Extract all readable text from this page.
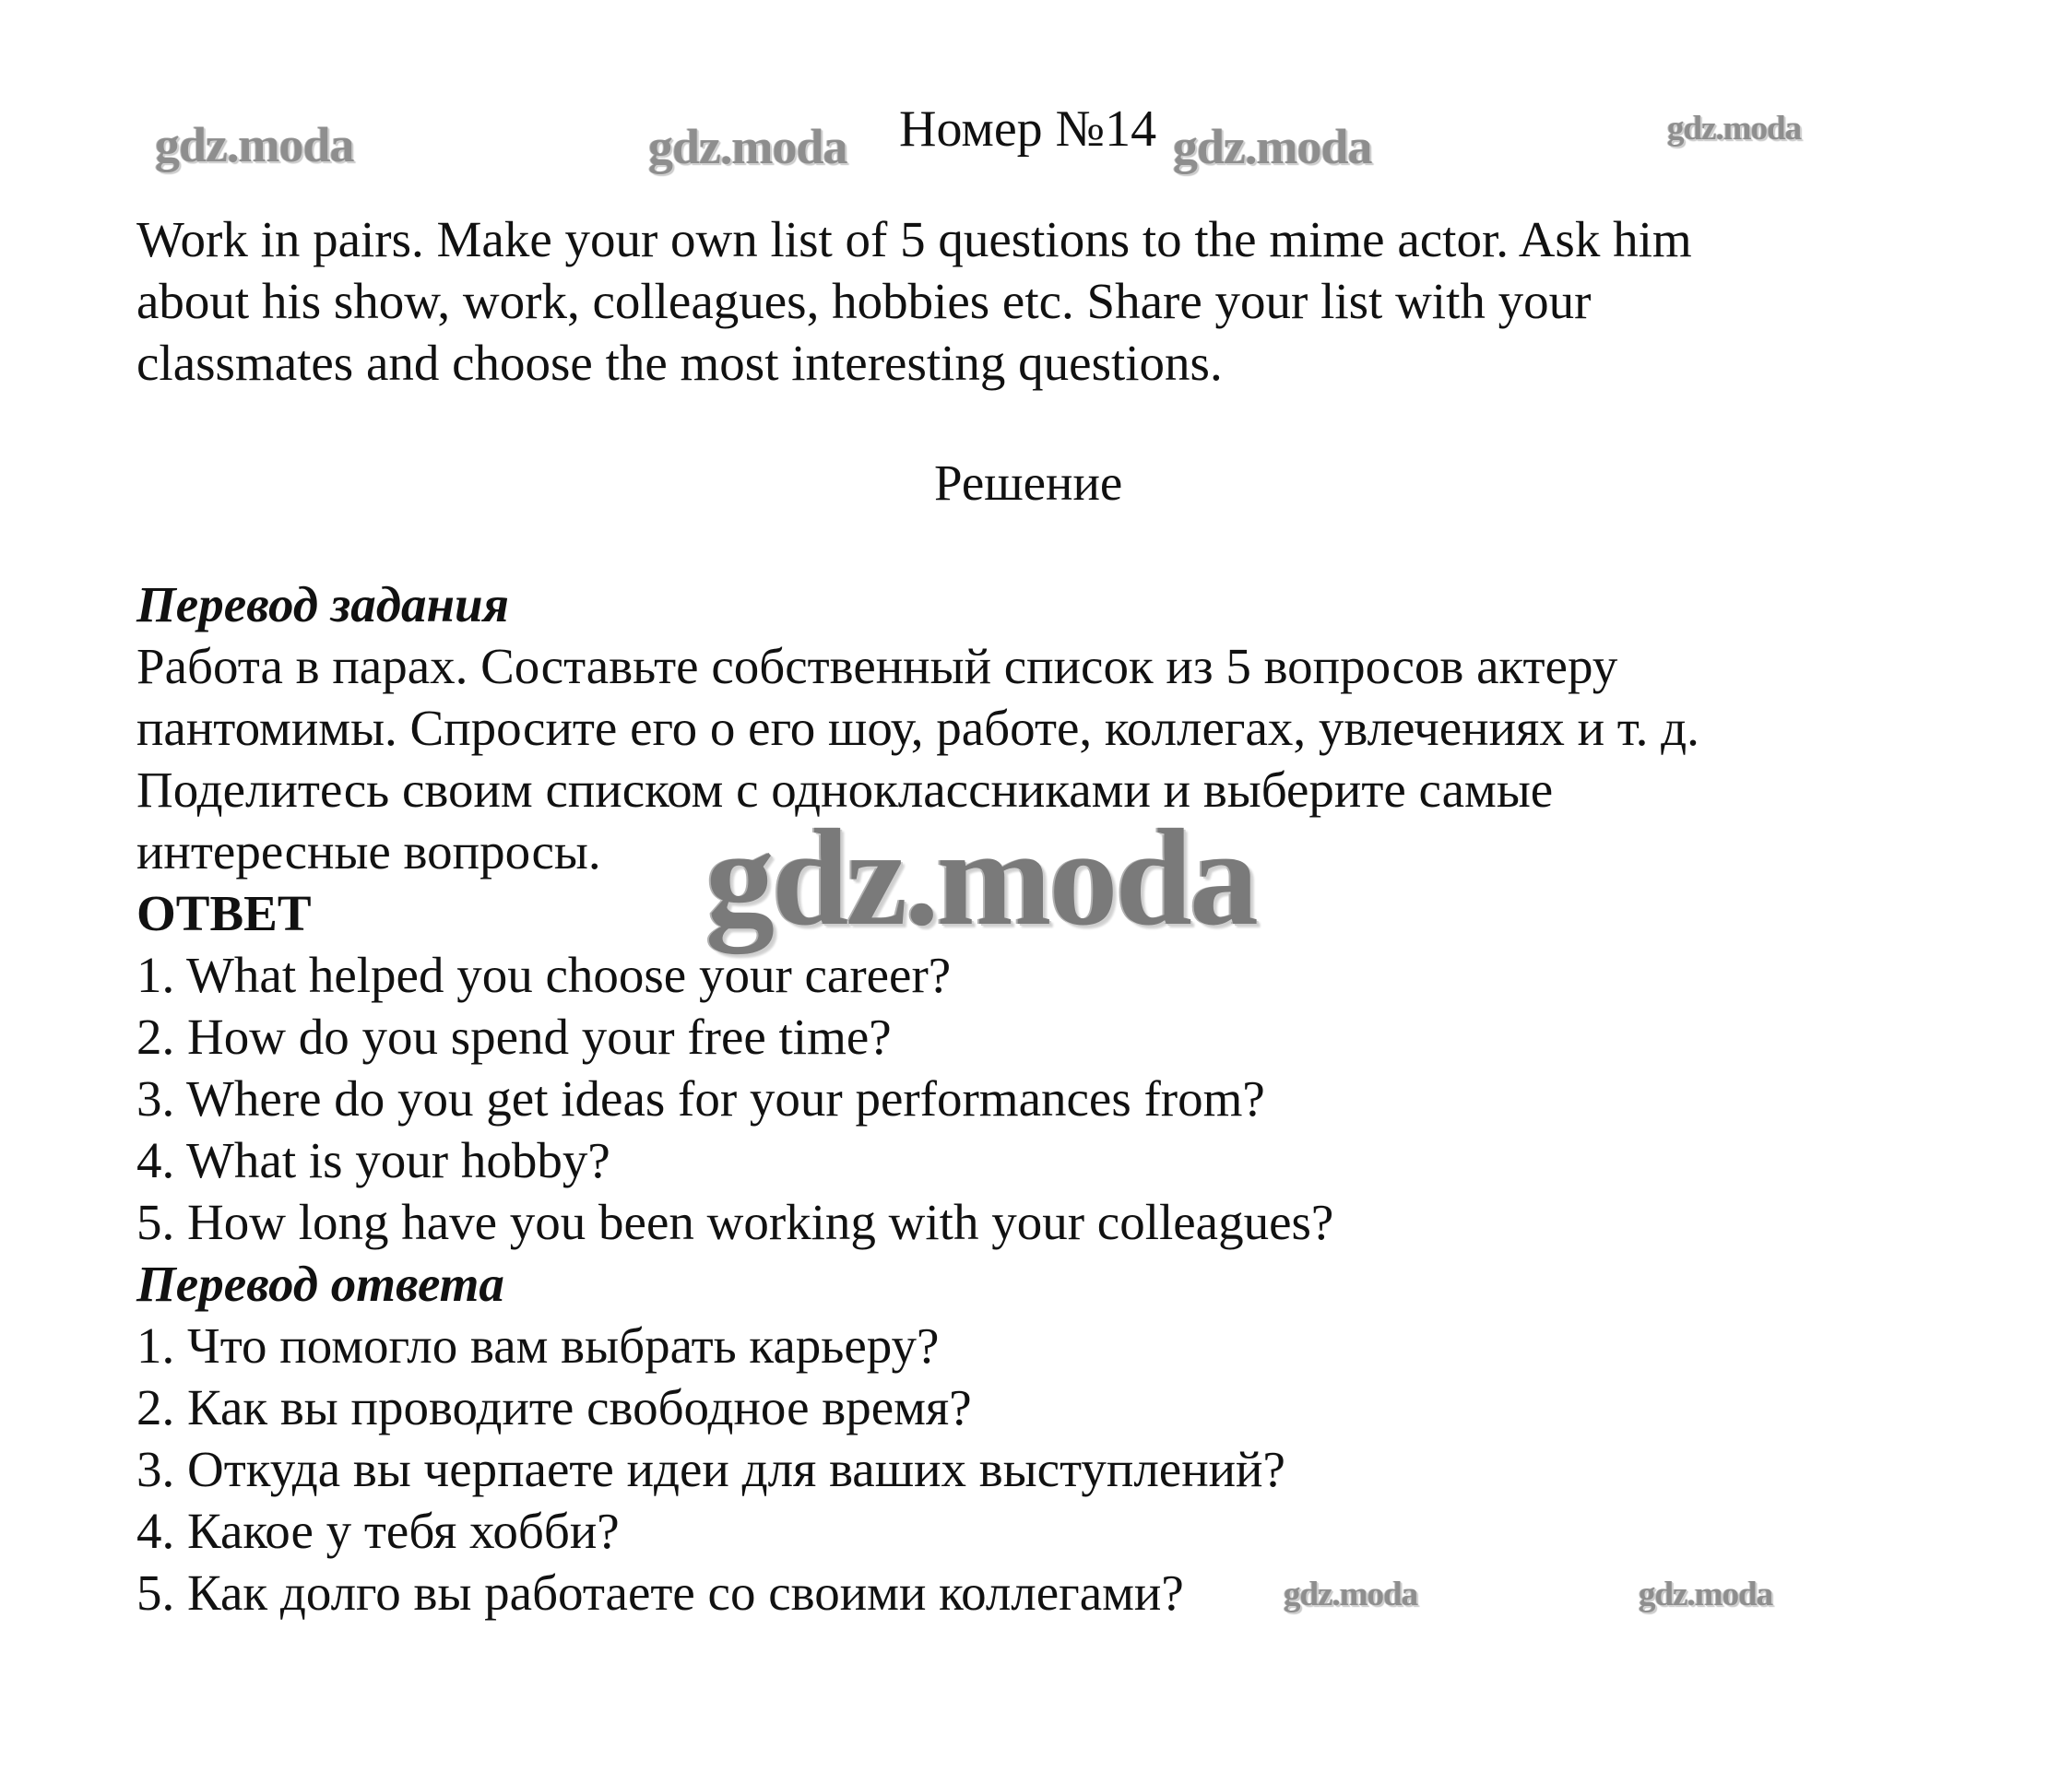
gdz.moda	gdz.moda	gdz.moda	gdz.moda
gdz.moda
gdz.moda	gdz.moda
Номер №14
Work in pairs. Make your own list of 5 questions to the mime actor. Ask him
about his show, work, colleagues, hobbies etc. Share your list with your
classmates and choose the most interesting questions.
Решение
Перевод задания
Работа в парах. Составьте собственный список из 5 вопросов актеру
пантомимы. Спросите его о его шоу, работе, коллегах, увлечениях и т. д.
Поделитесь своим списком с одноклассниками и выберите самые
интересные вопросы.
ОТВЕТ
1. What helped you choose your career?
2. How do you spend your free time?
3. Where do you get ideas for your performances from?
4. What is your hobby?
5. How long have you been working with your colleagues?
Перевод ответа
1. Что помогло вам выбрать карьеру?
2. Как вы проводите свободное время?
3. Откуда вы черпаете идеи для ваших выступлений?
4. Какое у тебя хобби?
5. Как долго вы работаете со своими коллегами?
